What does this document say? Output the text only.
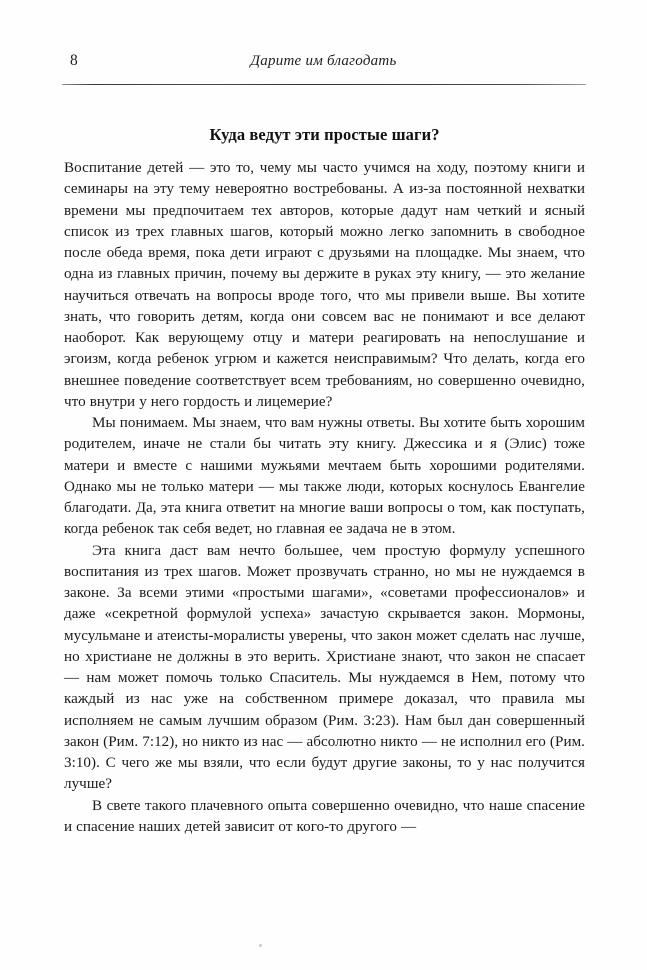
8	Дарите им благодать
Куда ведут эти простые шаги?

Воспитание детей — это то, чему мы часто учимся на ходу, поэтому книги и семинары на эту тему невероятно востребованы. А из-за постоянной нехватки времени мы предпочитаем тех авторов, которые дадут нам четкий и ясный список из трех главных шагов, который можно легко запомнить в свободное после обеда время, пока дети играют с друзьями на площадке. Мы знаем, что одна из главных причин, почему вы держите в руках эту книгу, — это желание научиться отвечать на вопросы вроде того, что мы привели выше. Вы хотите знать, что говорить детям, когда они совсем вас не понимают и все делают наоборот. Как верующему отцу и матери реагировать на непослушание и эгоизм, когда ребенок угрюм и кажется неисправимым? Что делать, когда его внешнее поведение соответствует всем требованиям, но совершенно очевидно, что внутри у него гордость и лицемерие?

Мы понимаем. Мы знаем, что вам нужны ответы. Вы хотите быть хорошим родителем, иначе не стали бы читать эту книгу. Джессика и я (Элис) тоже матери и вместе с нашими мужьями мечтаем быть хорошими родителями. Однако мы не только матери — мы также люди, которых коснулось Евангелие благодати. Да, эта книга ответит на многие ваши вопросы о том, как поступать, когда ребенок так себя ведет, но главная ее задача не в этом.

Эта книга даст вам нечто большее, чем простую формулу успешного воспитания из трех шагов. Может прозвучать странно, но мы не нуждаемся в законе. За всеми этими «простыми шагами», «советами профессионалов» и даже «секретной формулой успеха» зачастую скрывается закон. Мормоны, мусульмане и атеисты-моралисты уверены, что закон может сделать нас лучше, но христиане не должны в это верить. Христиане знают, что закон не спасает — нам может помочь только Спаситель. Мы нуждаемся в Нем, потому что каждый из нас уже на собственном примере доказал, что правила мы исполняем не самым лучшим образом (Рим. 3:23). Нам был дан совершенный закон (Рим. 7:12), но никто из нас — абсолютно никто — не исполнил его (Рим. 3:10). С чего же мы взяли, что если будут другие законы, то у нас получится лучше?

В свете такого плачевного опыта совершенно очевидно, что наше спасение и спасение наших детей зависит от кого-то другого —
